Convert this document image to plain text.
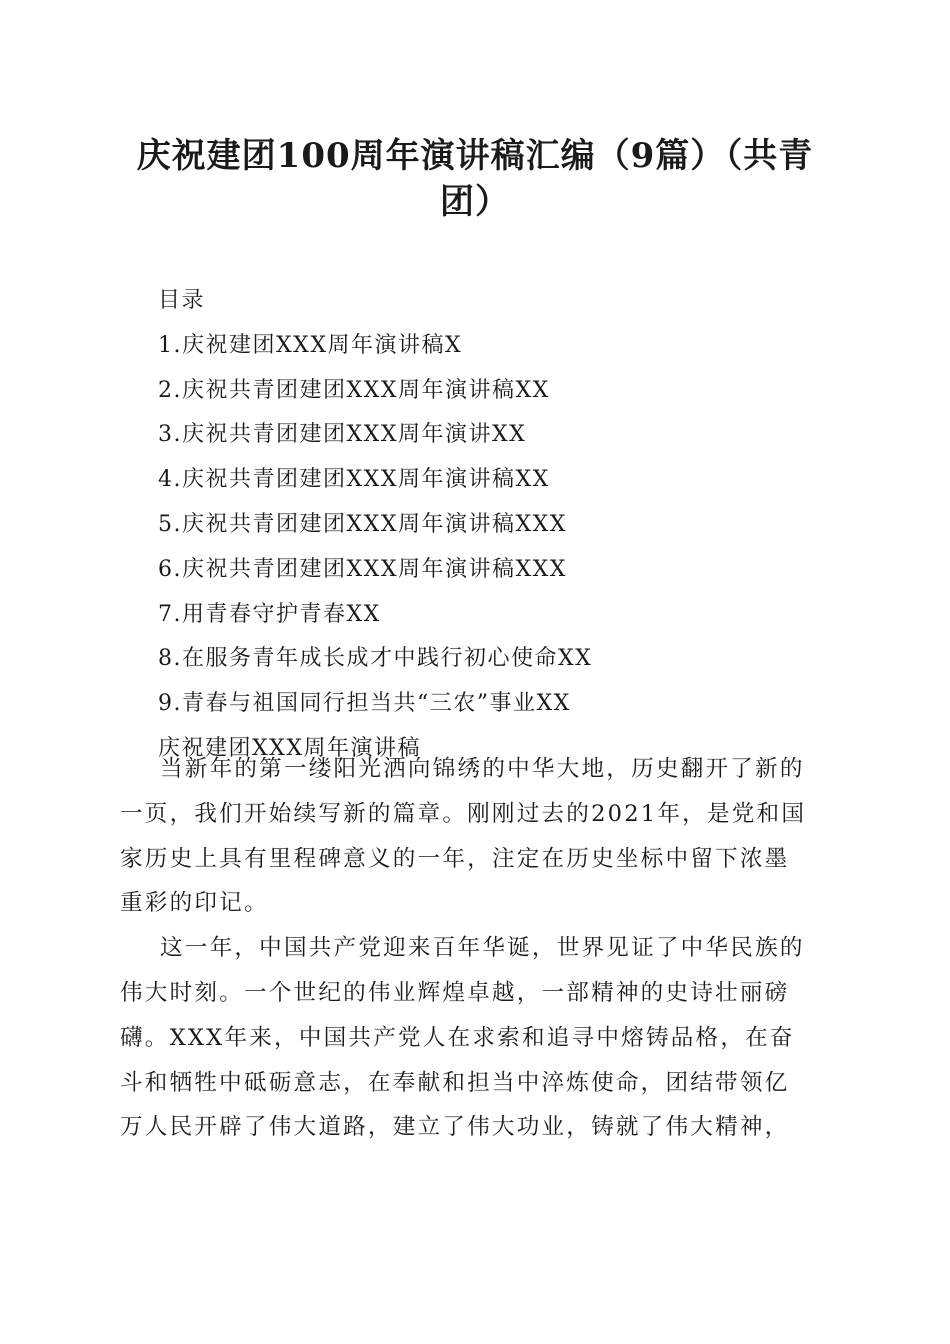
庆祝建团100周年演讲稿汇编（9篇）（共青
团）
目录
1.庆祝建团XXX周年演讲稿X
2.庆祝共青团建团XXX周年演讲稿XX
3.庆祝共青团建团XXX周年演讲XX
4.庆祝共青团建团XXX周年演讲稿XX
5.庆祝共青团建团XXX周年演讲稿XXX
6.庆祝共青团建团XXX周年演讲稿XXX
7.用青春守护青春XX
8.在服务青年成长成才中践行初心使命XX
9.青春与祖国同行担当共“三农”事业XX
庆祝建团XXX周年演讲稿
当新年的第一缕阳光洒向锦绣的中华大地，历史翻开了新的
一页，我们开始续写新的篇章。刚刚过去的2021年，是党和国
家历史上具有里程碑意义的一年，注定在历史坐标中留下浓墨
重彩的印记。
这一年，中国共产党迎来百年华诞，世界见证了中华民族的
伟大时刻。一个世纪的伟业辉煌卓越，一部精神的史诗壮丽磅
礴。XXX年来，中国共产党人在求索和追寻中熔铸品格，在奋
斗和牺牲中砥砺意志，在奉献和担当中淬炼使命，团结带领亿
万人民开辟了伟大道路，建立了伟大功业，铸就了伟大精神，
